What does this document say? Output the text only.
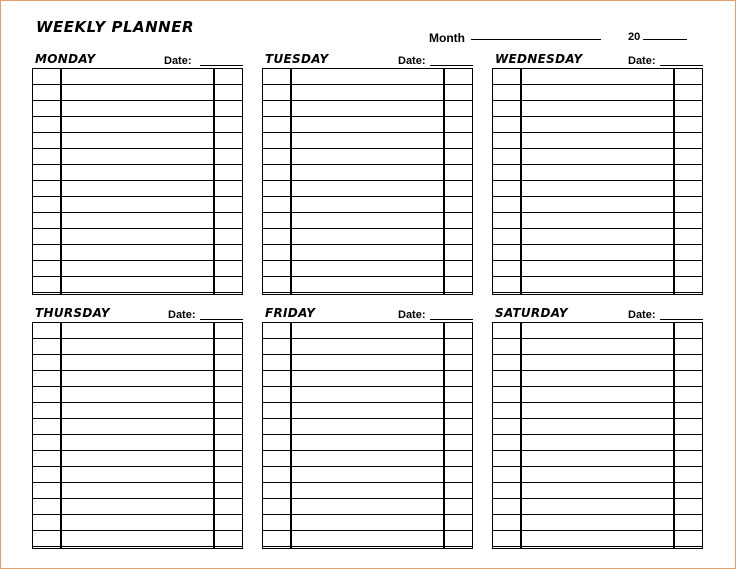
WEEKLY PLANNER
Month	20
MONDAY	Date:	TUESDAY	Date:	WEDNESDAY	Date:
THURSDAY	Date:	FRIDAY	Date:	SATURDAY	Date:
